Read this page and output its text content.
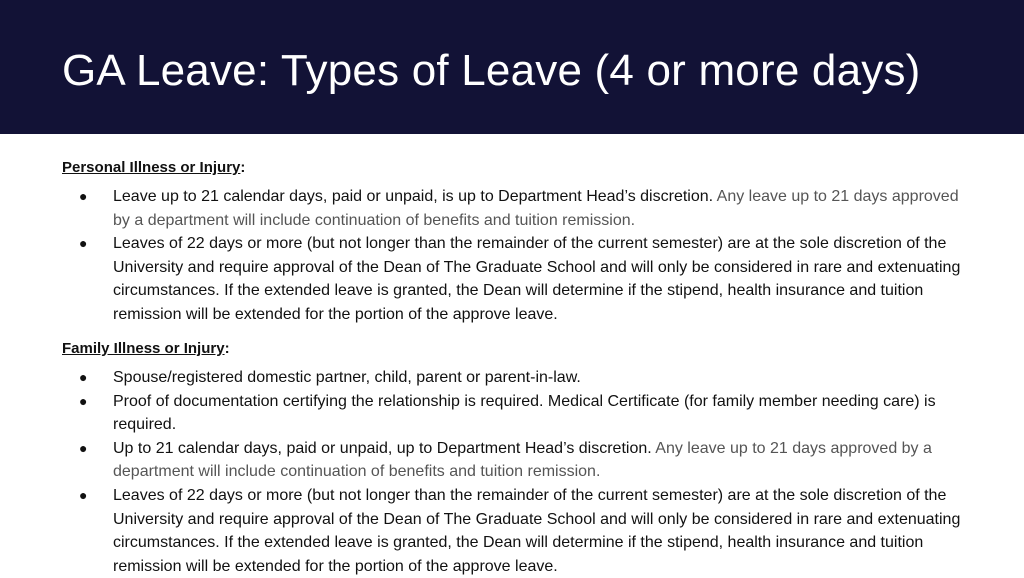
GA Leave: Types of Leave (4 or more days)

Personal Illness or Injury:

● Leave up to 21 calendar days, paid or unpaid, is up to Department Head’s discretion. Any leave up to 21 days approved by a department will include continuation of benefits and tuition remission.
● Leaves of 22 days or more (but not longer than the remainder of the current semester) are at the sole discretion of the University and require approval of the Dean of The Graduate School and will only be considered in rare and extenuating circumstances. If the extended leave is granted, the Dean will determine if the stipend, health insurance and tuition remission will be extended for the portion of the approve leave.

Family Illness or Injury:

● Spouse/registered domestic partner, child, parent or parent-in-law.
● Proof of documentation certifying the relationship is required. Medical Certificate (for family member needing care) is required.
● Up to 21 calendar days, paid or unpaid, up to Department Head’s discretion. Any leave up to 21 days approved by a department will include continuation of benefits and tuition remission.
● Leaves of 22 days or more (but not longer than the remainder of the current semester) are at the sole discretion of the University and require approval of the Dean of The Graduate School and will only be considered in rare and extenuating circumstances. If the extended leave is granted, the Dean will determine if the stipend, health insurance and tuition remission will be extended for the portion of the approve leave.
